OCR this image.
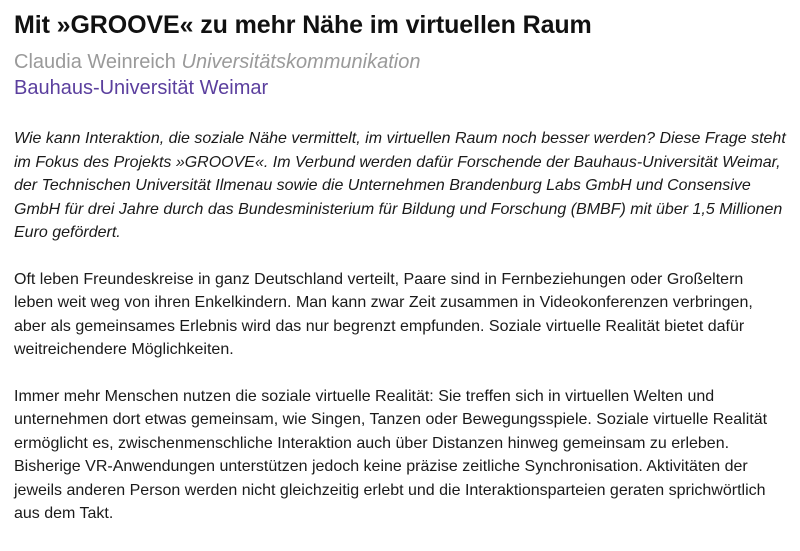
Mit »GROOVE« zu mehr Nähe im virtuellen Raum

Claudia Weinreich Universitätskommunikation

Bauhaus-Universität Weimar

Wie kann Interaktion, die soziale Nähe vermittelt, im virtuellen Raum noch besser werden? Diese Frage steht im Fokus des Projekts »GROOVE«. Im Verbund werden dafür Forschende der Bauhaus-Universität Weimar, der Technischen Universität Ilmenau sowie die Unternehmen Brandenburg Labs GmbH und Consensive GmbH für drei Jahre durch das Bundesministerium für Bildung und Forschung (BMBF) mit über 1,5 Millionen Euro gefördert.

Oft leben Freundeskreise in ganz Deutschland verteilt, Paare sind in Fernbeziehungen oder Großeltern leben weit weg von ihren Enkelkindern. Man kann zwar Zeit zusammen in Videokonferenzen verbringen, aber als gemeinsames Erlebnis wird das nur begrenzt empfunden. Soziale virtuelle Realität bietet dafür weitreichendere Möglichkeiten.

Immer mehr Menschen nutzen die soziale virtuelle Realität: Sie treffen sich in virtuellen Welten und unternehmen dort etwas gemeinsam, wie Singen, Tanzen oder Bewegungsspiele. Soziale virtuelle Realität ermöglicht es, zwischenmenschliche Interaktion auch über Distanzen hinweg gemeinsam zu erleben. Bisherige VR-Anwendungen unterstützen jedoch keine präzise zeitliche Synchronisation. Aktivitäten der jeweils anderen Person werden nicht gleichzeitig erlebt und die Interaktionsparteien geraten sprichwörtlich aus dem Takt.
